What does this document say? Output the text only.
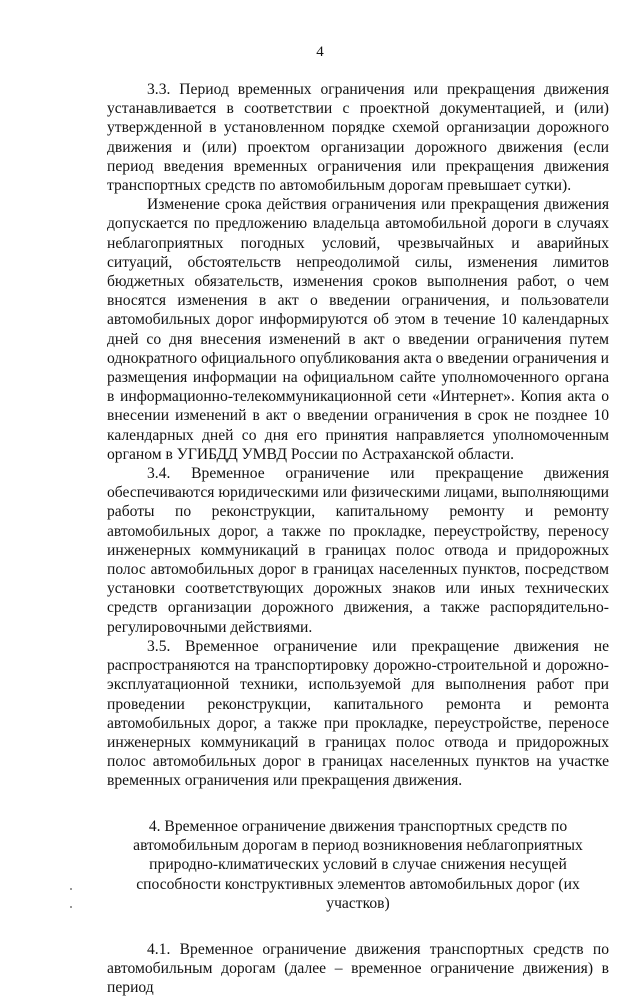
4

3.3. Период временных ограничения или прекращения движения устанавливается в соответствии с проектной документацией, и (или) утвержденной в установленном порядке схемой организации дорожного движения и (или) проектом организации дорожного движения (если период введения временных ограничения или прекращения движения транспортных средств по автомобильным дорогам превышает сутки).

Изменение срока действия ограничения или прекращения движения допускается по предложению владельца автомобильной дороги в случаях неблагоприятных погодных условий, чрезвычайных и аварийных ситуаций, обстоятельств непреодолимой силы, изменения лимитов бюджетных обязательств, изменения сроков выполнения работ, о чем вносятся изменения в акт о введении ограничения, и пользователи автомобильных дорог информируются об этом в течение 10 календарных дней со дня внесения изменений в акт о введении ограничения путем однократного официального опубликования акта о введении ограничения и размещения информации на официальном сайте уполномоченного органа в информационно-телекоммуникационной сети «Интернет». Копия акта о внесении изменений в акт о введении ограничения в срок не позднее 10 календарных дней со дня его принятия направляется уполномоченным органом в УГИБДД УМВД России по Астраханской области.

3.4. Временное ограничение или прекращение движения обеспечиваются юридическими или физическими лицами, выполняющими работы по реконструкции, капитальному ремонту и ремонту автомобильных дорог, а также по прокладке, переустройству, переносу инженерных коммуникаций в границах полос отвода и придорожных полос автомобильных дорог в границах населенных пунктов, посредством установки соответствующих дорожных знаков или иных технических средств организации дорожного движения, а также распорядительно-регулировочными действиями.

3.5. Временное ограничение или прекращение движения не распространяются на транспортировку дорожно-строительной и дорожно-эксплуатационной техники, используемой для выполнения работ при проведении реконструкции, капитального ремонта и ремонта автомобильных дорог, а также при прокладке, переустройстве, переносе инженерных коммуникаций в границах полос отвода и придорожных полос автомобильных дорог в границах населенных пунктов на участке временных ограничения или прекращения движения.

4. Временное ограничение движения транспортных средств по автомобильным дорогам в период возникновения неблагоприятных природно-климатических условий в случае снижения несущей способности конструктивных элементов автомобильных дорог (их участков)

4.1. Временное ограничение движения транспортных средств по автомобильным дорогам (далее – временное ограничение движения) в период
